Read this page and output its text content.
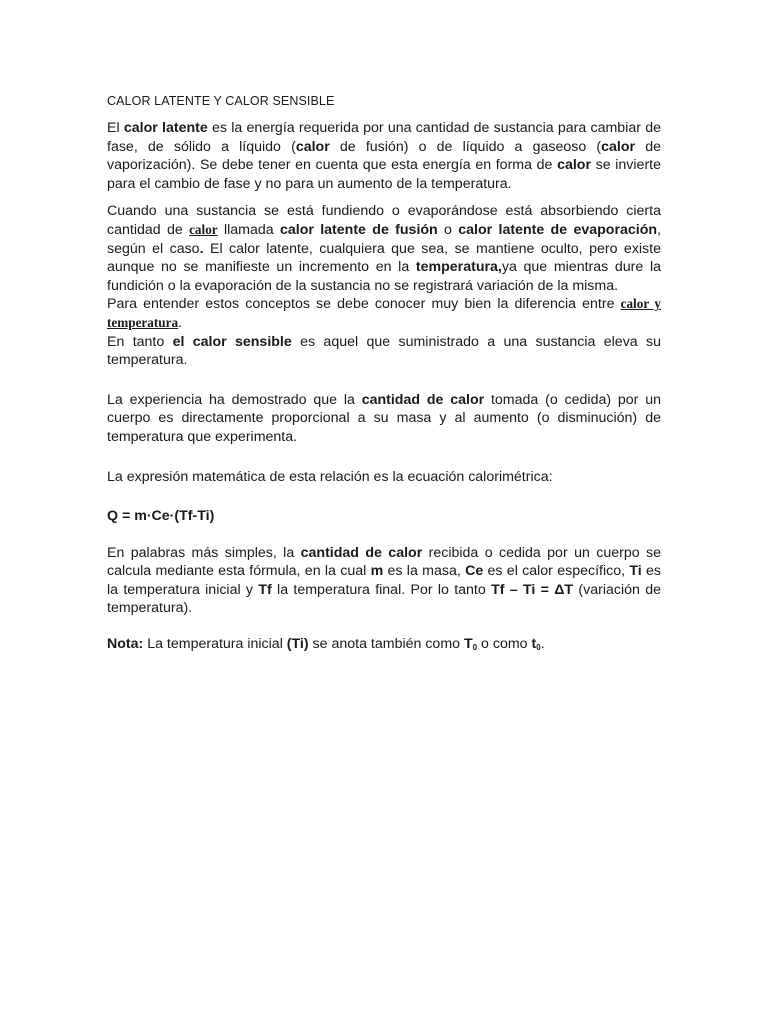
CALOR LATENTE Y CALOR SENSIBLE

El calor latente es la energía requerida por una cantidad de sustancia para cambiar de fase, de sólido a líquido (calor de fusión) o de líquido a gaseoso (calor de vaporización). Se debe tener en cuenta que esta energía en forma de calor se invierte para el cambio de fase y no para un aumento de la temperatura.

Cuando una sustancia se está fundiendo o evaporándose está absorbiendo cierta cantidad de calor llamada calor latente de fusión o calor latente de evaporación, según el caso. El calor latente, cualquiera que sea, se mantiene oculto, pero existe aunque no se manifieste un incremento en la temperatura,ya que mientras dure la fundición o la evaporación de la sustancia no se registrará variación de la misma.

Para entender estos conceptos se debe conocer muy bien la diferencia entre calor y temperatura.

En tanto el calor sensible es aquel que suministrado a una sustancia eleva su temperatura.

La experiencia ha demostrado que la cantidad de calor tomada (o cedida) por un cuerpo es directamente proporcional a su masa y al aumento (o disminución) de temperatura que experimenta.

La expresión matemática de esta relación es la ecuación calorimétrica:

Q = m·Ce·(Tf-Ti)

En palabras más simples, la cantidad de calor recibida o cedida por un cuerpo se calcula mediante esta fórmula, en la cual m es la masa, Ce es el calor específico, Ti es la temperatura inicial y Tf la temperatura final. Por lo tanto Tf – Ti = ΔT (variación de temperatura).

Nota: La temperatura inicial (Ti) se anota también como $T_0$ o como $t_0$.
